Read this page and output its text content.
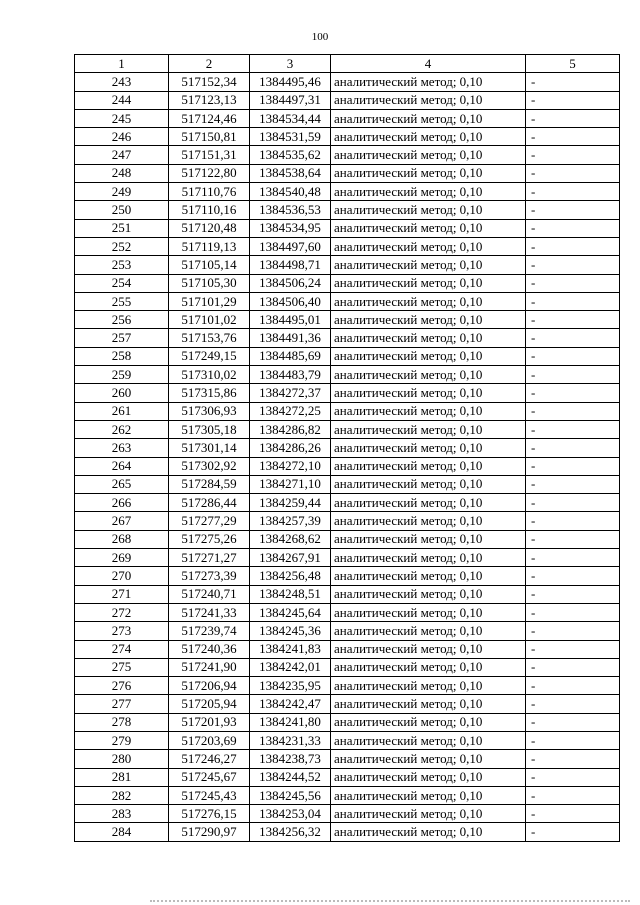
100
1	2	3	4	5
243	517152,34	1384495,46	аналитический метод; 0,10	-
244	517123,13	1384497,31	аналитический метод; 0,10	-
245	517124,46	1384534,44	аналитический метод; 0,10	-
246	517150,81	1384531,59	аналитический метод; 0,10	-
247	517151,31	1384535,62	аналитический метод; 0,10	-
248	517122,80	1384538,64	аналитический метод; 0,10	-
249	517110,76	1384540,48	аналитический метод; 0,10	-
250	517110,16	1384536,53	аналитический метод; 0,10	-
251	517120,48	1384534,95	аналитический метод; 0,10	-
252	517119,13	1384497,60	аналитический метод; 0,10	-
253	517105,14	1384498,71	аналитический метод; 0,10	-
254	517105,30	1384506,24	аналитический метод; 0,10	-
255	517101,29	1384506,40	аналитический метод; 0,10	-
256	517101,02	1384495,01	аналитический метод; 0,10	-
257	517153,76	1384491,36	аналитический метод; 0,10	-
258	517249,15	1384485,69	аналитический метод; 0,10	-
259	517310,02	1384483,79	аналитический метод; 0,10	-
260	517315,86	1384272,37	аналитический метод; 0,10	-
261	517306,93	1384272,25	аналитический метод; 0,10	-
262	517305,18	1384286,82	аналитический метод; 0,10	-
263	517301,14	1384286,26	аналитический метод; 0,10	-
264	517302,92	1384272,10	аналитический метод; 0,10	-
265	517284,59	1384271,10	аналитический метод; 0,10	-
266	517286,44	1384259,44	аналитический метод; 0,10	-
267	517277,29	1384257,39	аналитический метод; 0,10	-
268	517275,26	1384268,62	аналитический метод; 0,10	-
269	517271,27	1384267,91	аналитический метод; 0,10	-
270	517273,39	1384256,48	аналитический метод; 0,10	-
271	517240,71	1384248,51	аналитический метод; 0,10	-
272	517241,33	1384245,64	аналитический метод; 0,10	-
273	517239,74	1384245,36	аналитический метод; 0,10	-
274	517240,36	1384241,83	аналитический метод; 0,10	-
275	517241,90	1384242,01	аналитический метод; 0,10	-
276	517206,94	1384235,95	аналитический метод; 0,10	-
277	517205,94	1384242,47	аналитический метод; 0,10	-
278	517201,93	1384241,80	аналитический метод; 0,10	-
279	517203,69	1384231,33	аналитический метод; 0,10	-
280	517246,27	1384238,73	аналитический метод; 0,10	-
281	517245,67	1384244,52	аналитический метод; 0,10	-
282	517245,43	1384245,56	аналитический метод; 0,10	-
283	517276,15	1384253,04	аналитический метод; 0,10	-
284	517290,97	1384256,32	аналитический метод; 0,10	-
